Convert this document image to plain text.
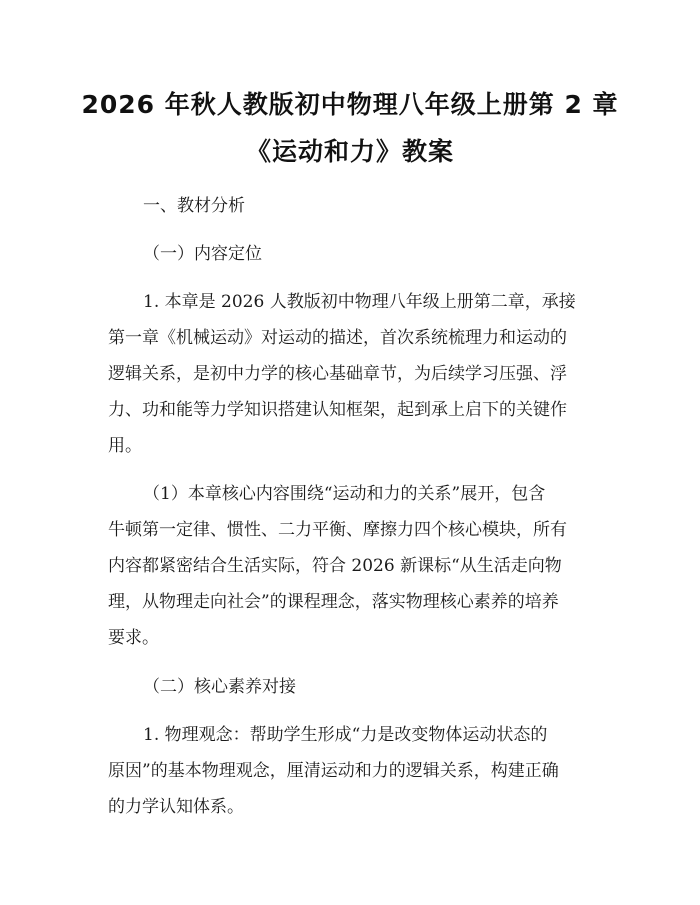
2026 年秋人教版初中物理八年级上册第 2 章
《运动和力》教案
一、教材分析
（一）内容定位
1. 本章是 2026 人教版初中物理八年级上册第二章，承接
第一章《机械运动》对运动的描述，首次系统梳理力和运动的
逻辑关系，是初中力学的核心基础章节，为后续学习压强、浮
力、功和能等力学知识搭建认知框架，起到承上启下的关键作
用。
（1）本章核心内容围绕“运动和力的关系”展开，包含
牛顿第一定律、惯性、二力平衡、摩擦力四个核心模块，所有
内容都紧密结合生活实际，符合 2026 新课标“从生活走向物
理，从物理走向社会”的课程理念，落实物理核心素养的培养
要求。
（二）核心素养对接
1. 物理观念：帮助学生形成“力是改变物体运动状态的
原因”的基本物理观念，厘清运动和力的逻辑关系，构建正确
的力学认知体系。
